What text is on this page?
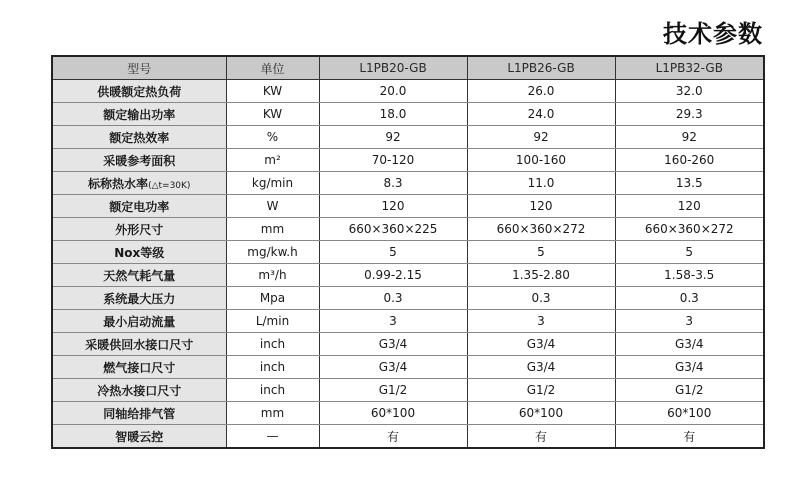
技术参数
型号	单位	L1PB20-GB	L1PB26-GB	L1PB32-GB
供暖额定热负荷	KW	20.0	26.0	32.0
额定输出功率	KW	18.0	24.0	29.3
额定热效率	%	92	92	92
采暖参考面积	m²	70-120	100-160	160-260
标称热水率(△t=30K)	kg/min	8.3	11.0	13.5
额定电功率	W	120	120	120
外形尺寸	mm	660×360×225	660×360×272	660×360×272
Nox等级	mg/kw.h	5	5	5
天然气耗气量	m³/h	0.99-2.15	1.35-2.80	1.58-3.5
系统最大压力	Mpa	0.3	0.3	0.3
最小启动流量	L/min	3	3	3
采暖供回水接口尺寸	inch	G3/4	G3/4	G3/4
燃气接口尺寸	inch	G3/4	G3/4	G3/4
冷热水接口尺寸	inch	G1/2	G1/2	G1/2
同轴给排气管	mm	60*100	60*100	60*100
智暖云控	—	有	有	有
